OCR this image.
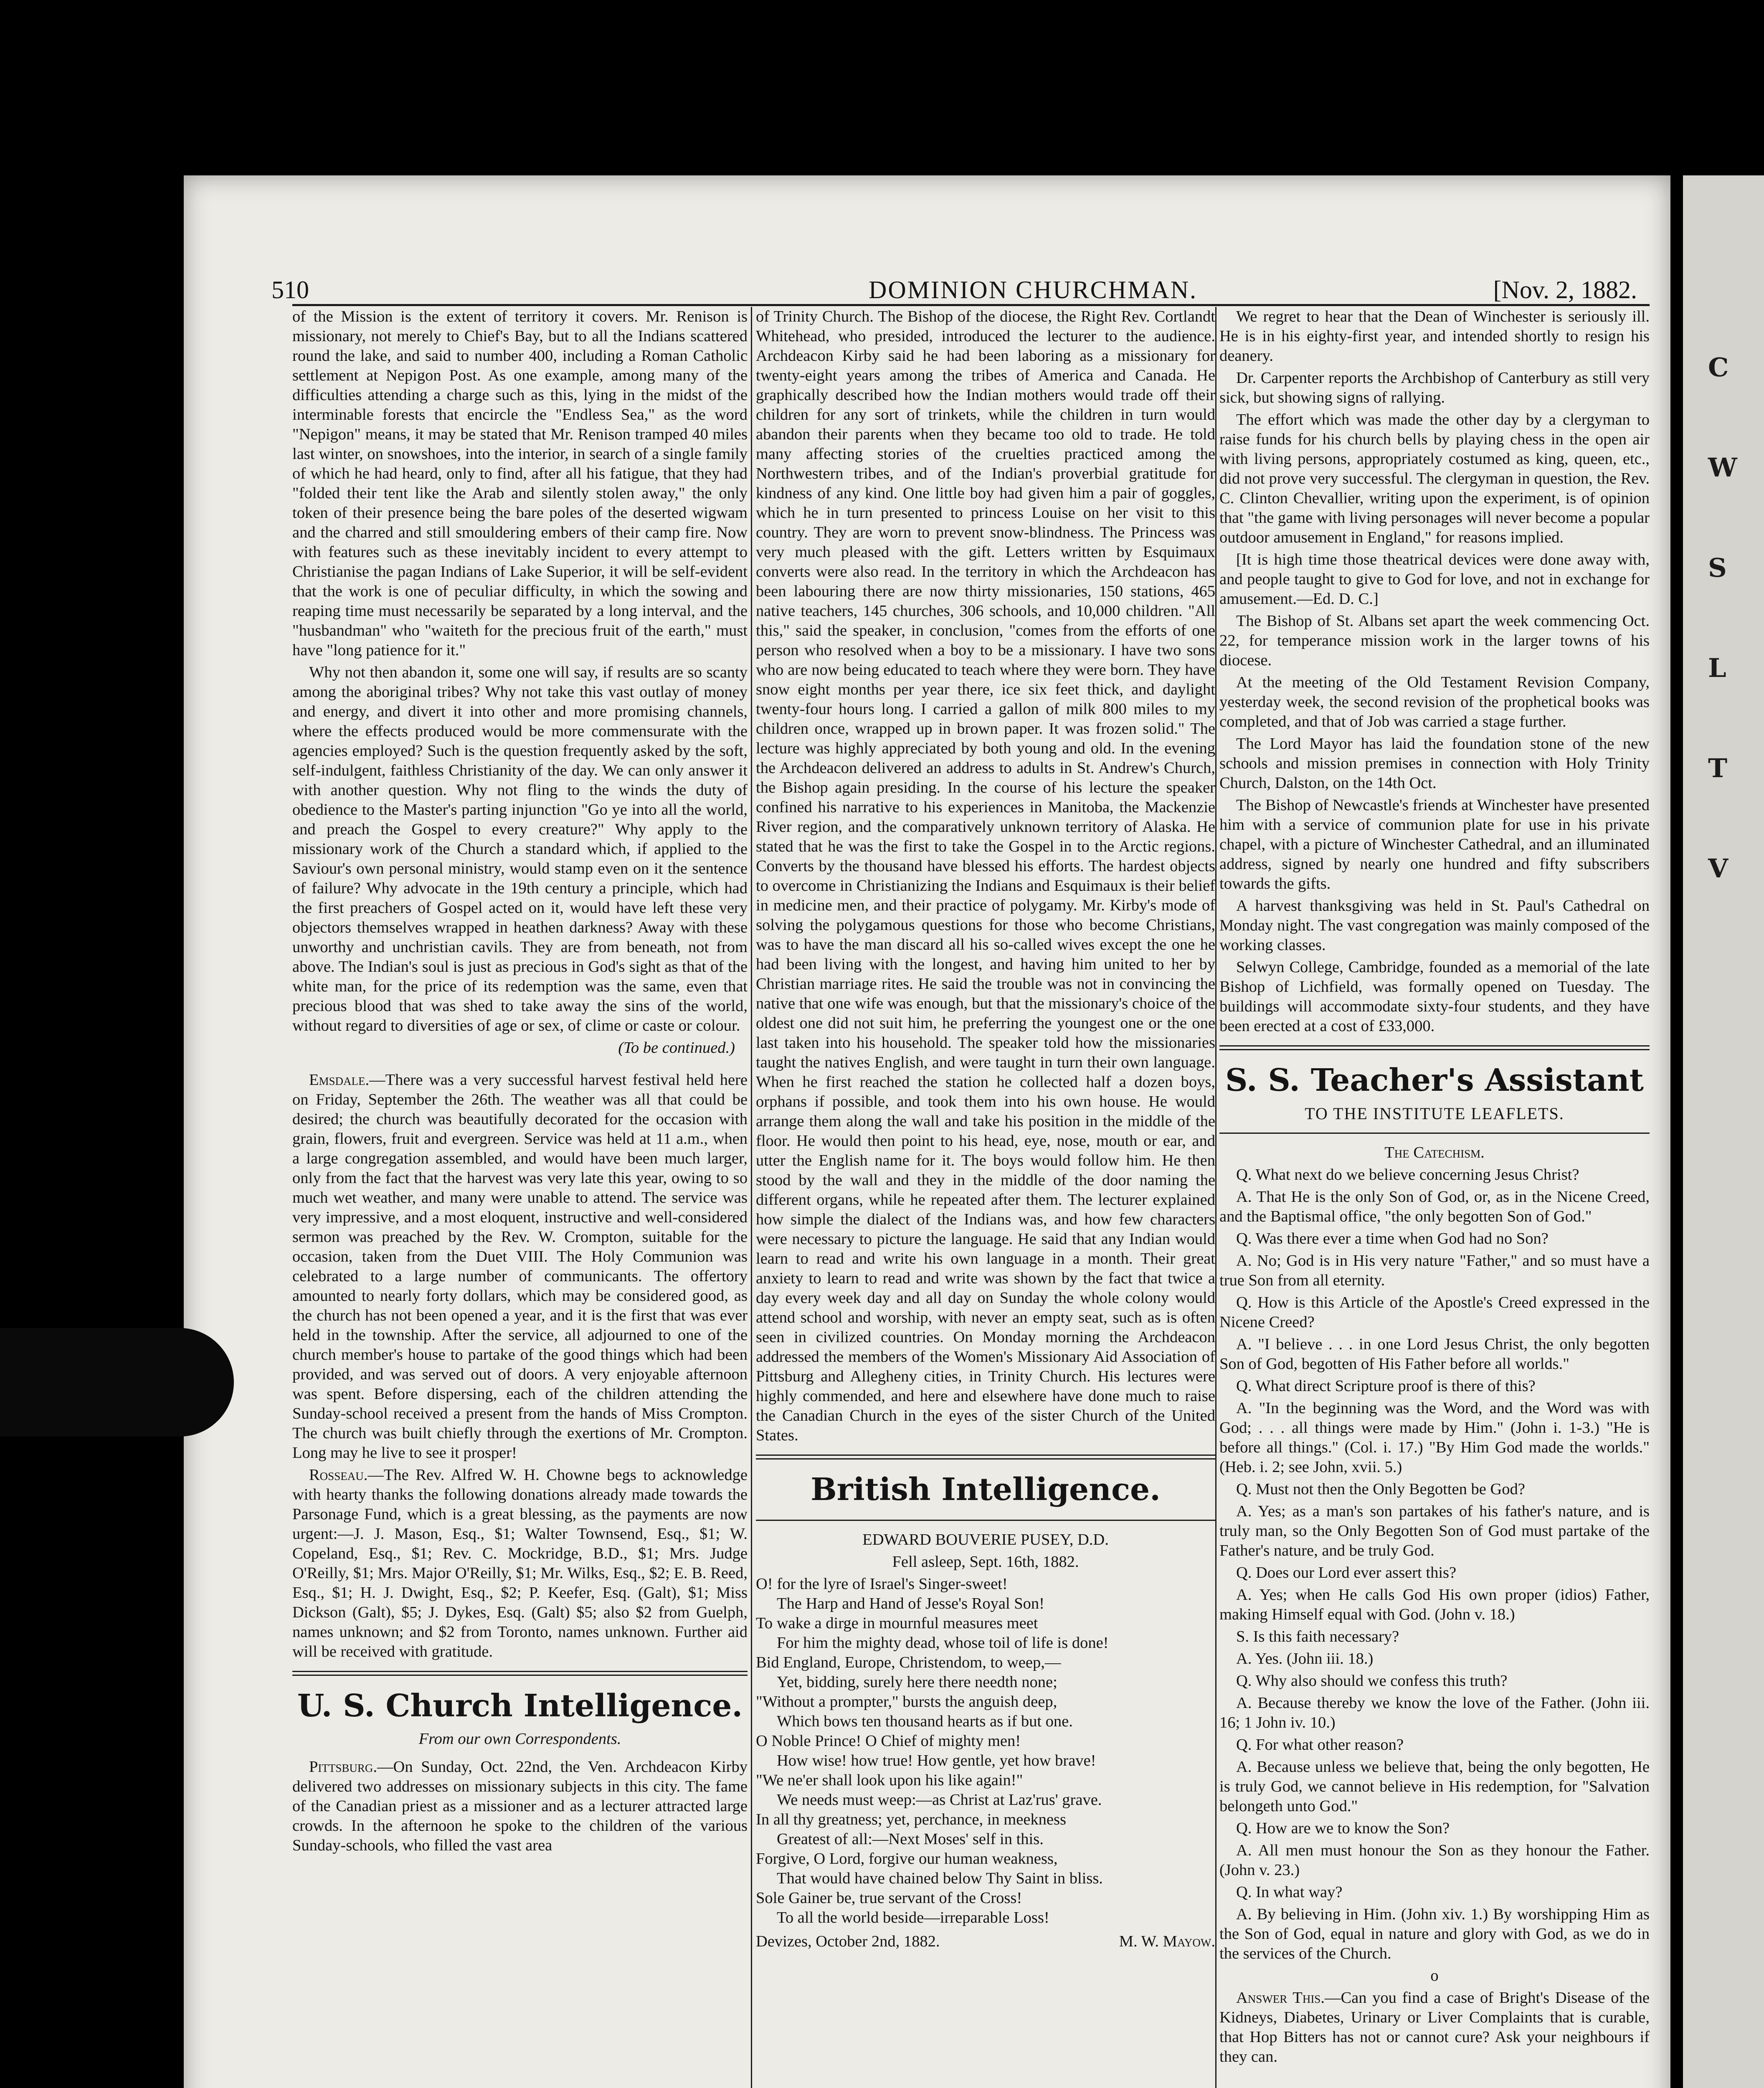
C
W
S
L
T
V
510	DOMINION CHURCHMAN.	[Nov. 2, 1882.

of the Mission is the extent of territory it covers. Mr. Renison is missionary, not merely to Chief's Bay, but to all the Indians scattered round the lake, and said to number 400, including a Roman Catholic settlement at Nepigon Post. As one example, among many of the difficulties attending a charge such as this, lying in the midst of the interminable forests that encircle the "Endless Sea," as the word "Nepigon" means, it may be stated that Mr. Renison tramped 40 miles last winter, on snowshoes, into the interior, in search of a single family of which he had heard, only to find, after all his fatigue, that they had "folded their tent like the Arab and silently stolen away," the only token of their presence being the bare poles of the deserted wigwam and the charred and still smouldering embers of their camp fire. Now with features such as these inevitably incident to every attempt to Christianise the pagan Indians of Lake Superior, it will be self-evident that the work is one of peculiar difficulty, in which the sowing and reaping time must necessarily be separated by a long interval, and the "husbandman" who "waiteth for the precious fruit of the earth," must have "long patience for it."

Why not then abandon it, some one will say, if results are so scanty among the aboriginal tribes? Why not take this vast outlay of money and energy, and divert it into other and more promising channels, where the effects produced would be more commensurate with the agencies employed? Such is the question frequently asked by the soft, self-indulgent, faithless Christianity of the day. We can only answer it with another question. Why not fling to the winds the duty of obedience to the Master's parting injunction "Go ye into all the world, and preach the Gospel to every creature?" Why apply to the missionary work of the Church a standard which, if applied to the Saviour's own personal ministry, would stamp even on it the sentence of failure? Why advocate in the 19th century a principle, which had the first preachers of Gospel acted on it, would have left these very objectors themselves wrapped in heathen darkness? Away with these unworthy and unchristian cavils. They are from beneath, not from above. The Indian's soul is just as precious in God's sight as that of the white man, for the price of its redemption was the same, even that precious blood that was shed to take away the sins of the world, without regard to diversities of age or sex, of clime or caste or colour.

(To be continued.)

Emsdale.—There was a very successful harvest festival held here on Friday, September the 26th. The weather was all that could be desired; the church was beautifully decorated for the occasion with grain, flowers, fruit and evergreen. Service was held at 11 a.m., when a large congregation assembled, and would have been much larger, only from the fact that the harvest was very late this year, owing to so much wet weather, and many were unable to attend. The service was very impressive, and a most eloquent, instructive and well-considered sermon was preached by the Rev. W. Crompton, suitable for the occasion, taken from the Duet VIII. The Holy Communion was celebrated to a large number of communicants. The offertory amounted to nearly forty dollars, which may be considered good, as the church has not been opened a year, and it is the first that was ever held in the township. After the service, all adjourned to one of the church member's house to partake of the good things which had been provided, and was served out of doors. A very enjoyable afternoon was spent. Before dispersing, each of the children attending the Sunday-school received a present from the hands of Miss Crompton. The church was built chiefly through the exertions of Mr. Crompton. Long may he live to see it prosper!

Rosseau.—The Rev. Alfred W. H. Chowne begs to acknowledge with hearty thanks the following donations already made towards the Parsonage Fund, which is a great blessing, as the payments are now urgent:—J. J. Mason, Esq., $1; Walter Townsend, Esq., $1; W. Copeland, Esq., $1; Rev. C. Mockridge, B.D., $1; Mrs. Judge O'Reilly, $1; Mrs. Major O'Reilly, $1; Mr. Wilks, Esq., $2; E. B. Reed, Esq., $1; H. J. Dwight, Esq., $2; P. Keefer, Esq. (Galt), $1; Miss Dickson (Galt), $5; J. Dykes, Esq. (Galt) $5; also $2 from Guelph, names unknown; and $2 from Toronto, names unknown. Further aid will be received with gratitude.

U. S. Church Intelligence.
From our own Correspondents.

Pittsburg.—On Sunday, Oct. 22nd, the Ven. Archdeacon Kirby delivered two addresses on missionary subjects in this city. The fame of the Canadian priest as a missioner and as a lecturer attracted large crowds. In the afternoon he spoke to the children of the various Sunday-schools, who filled the vast area

of Trinity Church. The Bishop of the diocese, the Right Rev. Cortlandt Whitehead, who presided, introduced the lecturer to the audience. Archdeacon Kirby said he had been laboring as a missionary for twenty-eight years among the tribes of America and Canada. He graphically described how the Indian mothers would trade off their children for any sort of trinkets, while the children in turn would abandon their parents when they became too old to trade. He told many affecting stories of the cruelties practiced among the Northwestern tribes, and of the Indian's proverbial gratitude for kindness of any kind. One little boy had given him a pair of goggles, which he in turn presented to princess Louise on her visit to this country. They are worn to prevent snow-blindness. The Princess was very much pleased with the gift. Letters written by Esquimaux converts were also read. In the territory in which the Archdeacon has been labouring there are now thirty missionaries, 150 stations, 465 native teachers, 145 churches, 306 schools, and 10,000 children. "All this," said the speaker, in conclusion, "comes from the efforts of one person who resolved when a boy to be a missionary. I have two sons who are now being educated to teach where they were born. They have snow eight months per year there, ice six feet thick, and daylight twenty-four hours long. I carried a gallon of milk 800 miles to my children once, wrapped up in brown paper. It was frozen solid." The lecture was highly appreciated by both young and old. In the evening the Archdeacon delivered an address to adults in St. Andrew's Church, the Bishop again presiding. In the course of his lecture the speaker confined his narrative to his experiences in Manitoba, the Mackenzie River region, and the comparatively unknown territory of Alaska. He stated that he was the first to take the Gospel in to the Arctic regions. Converts by the thousand have blessed his efforts. The hardest objects to overcome in Christianizing the Indians and Esquimaux is their belief in medicine men, and their practice of polygamy. Mr. Kirby's mode of solving the polygamous questions for those who become Christians, was to have the man discard all his so-called wives except the one he had been living with the longest, and having him united to her by Christian marriage rites. He said the trouble was not in convincing the native that one wife was enough, but that the missionary's choice of the oldest one did not suit him, he preferring the youngest one or the one last taken into his household. The speaker told how the missionaries taught the natives English, and were taught in turn their own language. When he first reached the station he collected half a dozen boys, orphans if possible, and took them into his own house. He would arrange them along the wall and take his position in the middle of the floor. He would then point to his head, eye, nose, mouth or ear, and utter the English name for it. The boys would follow him. He then stood by the wall and they in the middle of the door naming the different organs, while he repeated after them. The lecturer explained how simple the dialect of the Indians was, and how few characters were necessary to picture the language. He said that any Indian would learn to read and write his own language in a month. Their great anxiety to learn to read and write was shown by the fact that twice a day every week day and all day on Sunday the whole colony would attend school and worship, with never an empty seat, such as is often seen in civilized countries. On Monday morning the Archdeacon addressed the members of the Women's Missionary Aid Association of Pittsburg and Allegheny cities, in Trinity Church. His lectures were highly commended, and here and elsewhere have done much to raise the Canadian Church in the eyes of the sister Church of the United States.

British Intelligence.

EDWARD BOUVERIE PUSEY, D.D.

Fell asleep, Sept. 16th, 1882.

O! for the lyre of Israel's Singer-sweet!

The Harp and Hand of Jesse's Royal Son!

To wake a dirge in mournful measures meet

For him the mighty dead, whose toil of life is done!

Bid England, Europe, Christendom, to weep,—

Yet, bidding, surely here there needth none;

"Without a prompter," bursts the anguish deep,

Which bows ten thousand hearts as if but one.

O Noble Prince! O Chief of mighty men!

How wise! how true! How gentle, yet how brave!

"We ne'er shall look upon his like again!"

We needs must weep:—as Christ at Laz'rus' grave.

In all thy greatness; yet, perchance, in meekness

Greatest of all:—Next Moses' self in this.

Forgive, O Lord, forgive our human weakness,

That would have chained below Thy Saint in bliss.

Sole Gainer be, true servant of the Cross!

To all the world beside—irreparable Loss!

Devizes, October 2nd, 1882.	M. W. Mayow.

We regret to hear that the Dean of Winchester is seriously ill. He is in his eighty-first year, and intended shortly to resign his deanery.

Dr. Carpenter reports the Archbishop of Canterbury as still very sick, but showing signs of rallying.

The effort which was made the other day by a clergyman to raise funds for his church bells by playing chess in the open air with living persons, appropriately costumed as king, queen, etc., did not prove very successful. The clergyman in question, the Rev. C. Clinton Chevallier, writing upon the experiment, is of opinion that "the game with living personages will never become a popular outdoor amusement in England," for reasons implied.

[It is high time those theatrical devices were done away with, and people taught to give to God for love, and not in exchange for amusement.—Ed. D. C.]

The Bishop of St. Albans set apart the week commencing Oct. 22, for temperance mission work in the larger towns of his diocese.

At the meeting of the Old Testament Revision Company, yesterday week, the second revision of the prophetical books was completed, and that of Job was carried a stage further.

The Lord Mayor has laid the foundation stone of the new schools and mission premises in connection with Holy Trinity Church, Dalston, on the 14th Oct.

The Bishop of Newcastle's friends at Winchester have presented him with a service of communion plate for use in his private chapel, with a picture of Winchester Cathedral, and an illuminated address, signed by nearly one hundred and fifty subscribers towards the gifts.

A harvest thanksgiving was held in St. Paul's Cathedral on Monday night. The vast congregation was mainly composed of the working classes.

Selwyn College, Cambridge, founded as a memorial of the late Bishop of Lichfield, was formally opened on Tuesday. The buildings will accommodate sixty-four students, and they have been erected at a cost of £33,000.

S. S. Teacher's Assistant
TO THE INSTITUTE LEAFLETS.

The Catechism.

Q. What next do we believe concerning Jesus Christ?

A. That He is the only Son of God, or, as in the Nicene Creed, and the Baptismal office, "the only begotten Son of God."

Q. Was there ever a time when God had no Son?

A. No; God is in His very nature "Father," and so must have a true Son from all eternity.

Q. How is this Article of the Apostle's Creed expressed in the Nicene Creed?

A. "I believe . . . in one Lord Jesus Christ, the only begotten Son of God, begotten of His Father before all worlds."

Q. What direct Scripture proof is there of this?

A. "In the beginning was the Word, and the Word was with God; . . . all things were made by Him." (John i. 1-3.) "He is before all things." (Col. i. 17.) "By Him God made the worlds." (Heb. i. 2; see John, xvii. 5.)

Q. Must not then the Only Begotten be God?

A. Yes; as a man's son partakes of his father's nature, and is truly man, so the Only Begotten Son of God must partake of the Father's nature, and be truly God.

Q. Does our Lord ever assert this?

A. Yes; when He calls God His own proper (idios) Father, making Himself equal with God. (John v. 18.)

S. Is this faith necessary?

A. Yes. (John iii. 18.)

Q. Why also should we confess this truth?

A. Because thereby we know the love of the Father. (John iii. 16; 1 John iv. 10.)

Q. For what other reason?

A. Because unless we believe that, being the only begotten, He is truly God, we cannot believe in His redemption, for "Salvation belongeth unto God."

Q. How are we to know the Son?

A. All men must honour the Son as they honour the Father. (John v. 23.)

Q. In what way?

A. By believing in Him. (John xiv. 1.) By worshipping Him as the Son of God, equal in nature and glory with God, as we do in the services of the Church.

o

Answer This.—Can you find a case of Bright's Disease of the Kidneys, Diabetes, Urinary or Liver Complaints that is curable, that Hop Bitters has not or cannot cure? Ask your neighbours if they can.
